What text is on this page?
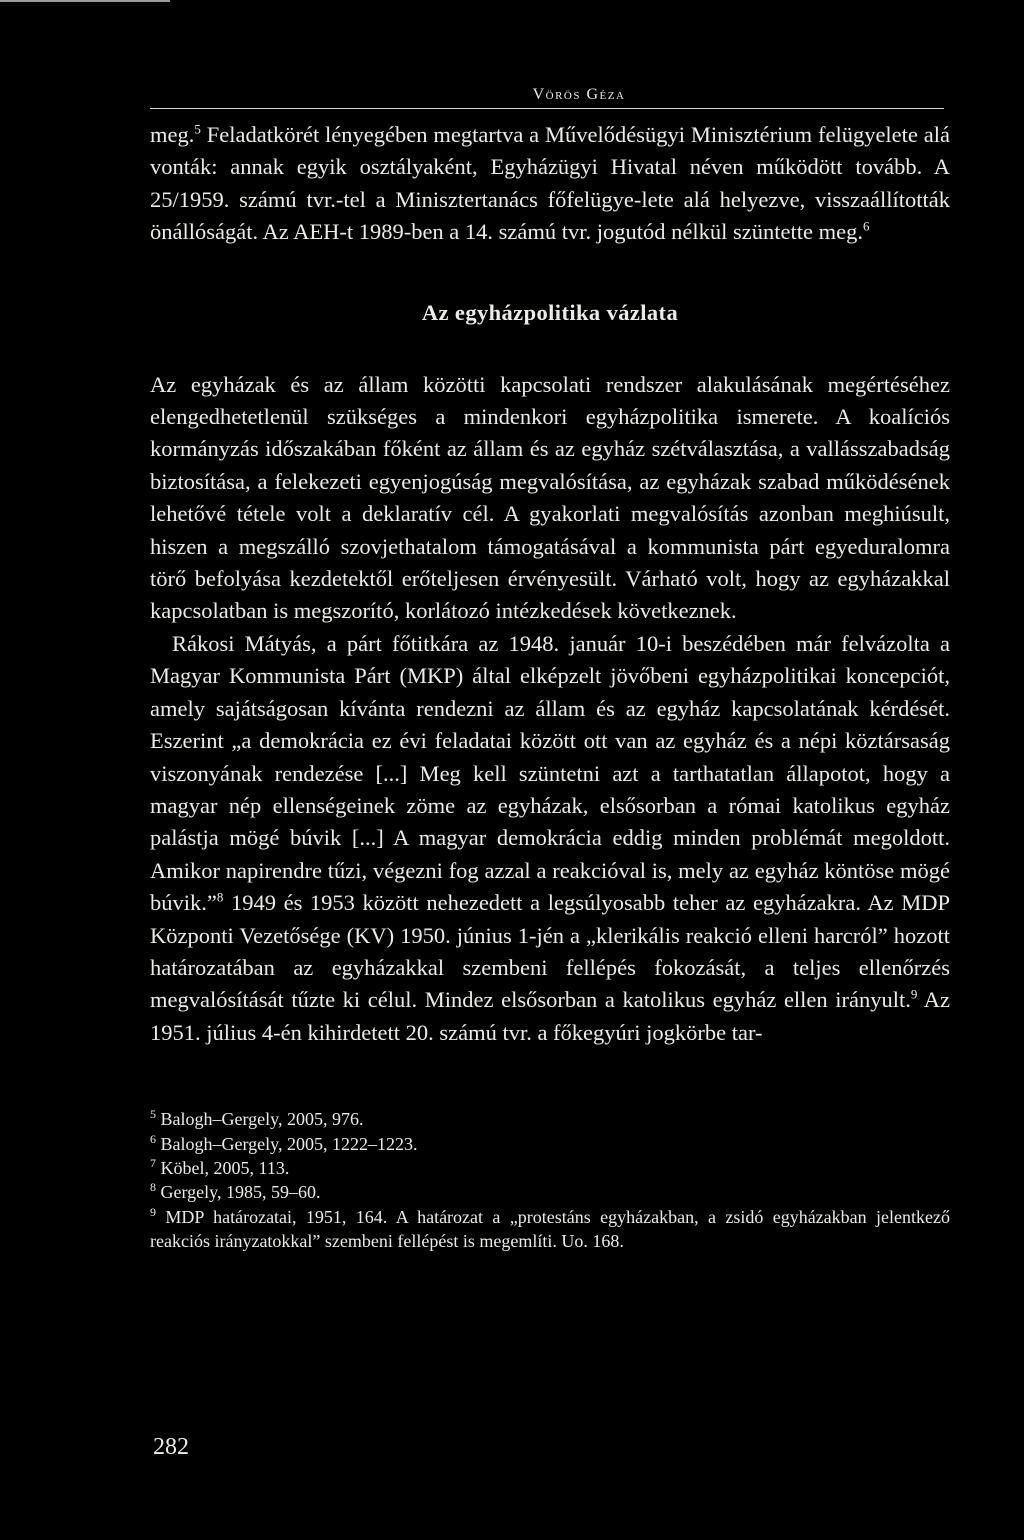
Vörös Géza

meg.$^5$ Feladatkörét lényegében megtartva a Művelődésügyi Minisztérium felügyelete alá vonták: annak egyik osztályaként, Egyházügyi Hivatal néven működött tovább. A 25/1959. számú tvr.-tel a Minisztertanács főfelügye-lete alá helyezve, visszaállították önállóságát. Az AEH-t 1989-ben a 14. számú tvr. jogutód nélkül szüntette meg.$^6$

Az egyházpolitika vázlata

Az egyházak és az állam közötti kapcsolati rendszer alakulásának megértéséhez elengedhetetlenül szükséges a mindenkori egyházpolitika ismerete. A koalíciós kormányzás időszakában főként az állam és az egyház szétválasztása, a vallásszabadság biztosítása, a felekezeti egyenjogúság megvalósítása, az egyházak szabad működésének lehetővé tétele volt a deklaratív cél. A gyakorlati megvalósítás azonban meghiúsult, hiszen a megszálló szovjethatalom támogatásával a kommunista párt egyeduralomra törő befolyása kezdetektől erőteljesen érvényesült. Várható volt, hogy az egyházakkal kapcsolatban is megszorító, korlátozó intézkedések következnek.

Rákosi Mátyás, a párt főtitkára az 1948. január 10-i beszédében már felvázolta a Magyar Kommunista Párt (MKP) által elképzelt jövőbeni egyházpolitikai koncepciót, amely sajátságosan kívánta rendezni az állam és az egyház kapcsolatának kérdését. Eszerint „a demokrácia ez évi feladatai között ott van az egyház és a népi köztársaság viszonyának rendezése [...] Meg kell szüntetni azt a tarthatatlan állapotot, hogy a magyar nép ellenségeinek zöme az egyházak, elsősorban a római katolikus egyház palástja mögé búvik [...] A magyar demokrácia eddig minden problémát megoldott. Amikor napirendre tűzi, végezni fog azzal a reakcióval is, mely az egyház köntöse mögé búvik.”$^8$ 1949 és 1953 között nehezedett a legsúlyosabb teher az egyházakra. Az MDP Központi Vezetősége (KV) 1950. június 1-jén a „klerikális reakció elleni harcról” hozott határozatában az egyházakkal szembeni fellépés fokozását, a teljes ellenőrzés megvalósítását tűzte ki célul. Mindez elsősorban a katolikus egyház ellen irányult.$^9$ Az 1951. július 4-én kihirdetett 20. számú tvr. a főkegyúri jogkörbe tar-

$^5$ Balogh–Gergely, 2005, 976.

$^6$ Balogh–Gergely, 2005, 1222–1223.

$^7$ Köbel, 2005, 113.

$^8$ Gergely, 1985, 59–60.

$^9$ MDP határozatai, 1951, 164. A határozat a „protestáns egyházakban, a zsidó egyházakban jelentkező reakciós irányzatokkal” szembeni fellépést is megemlíti. Uo. 168.

282
